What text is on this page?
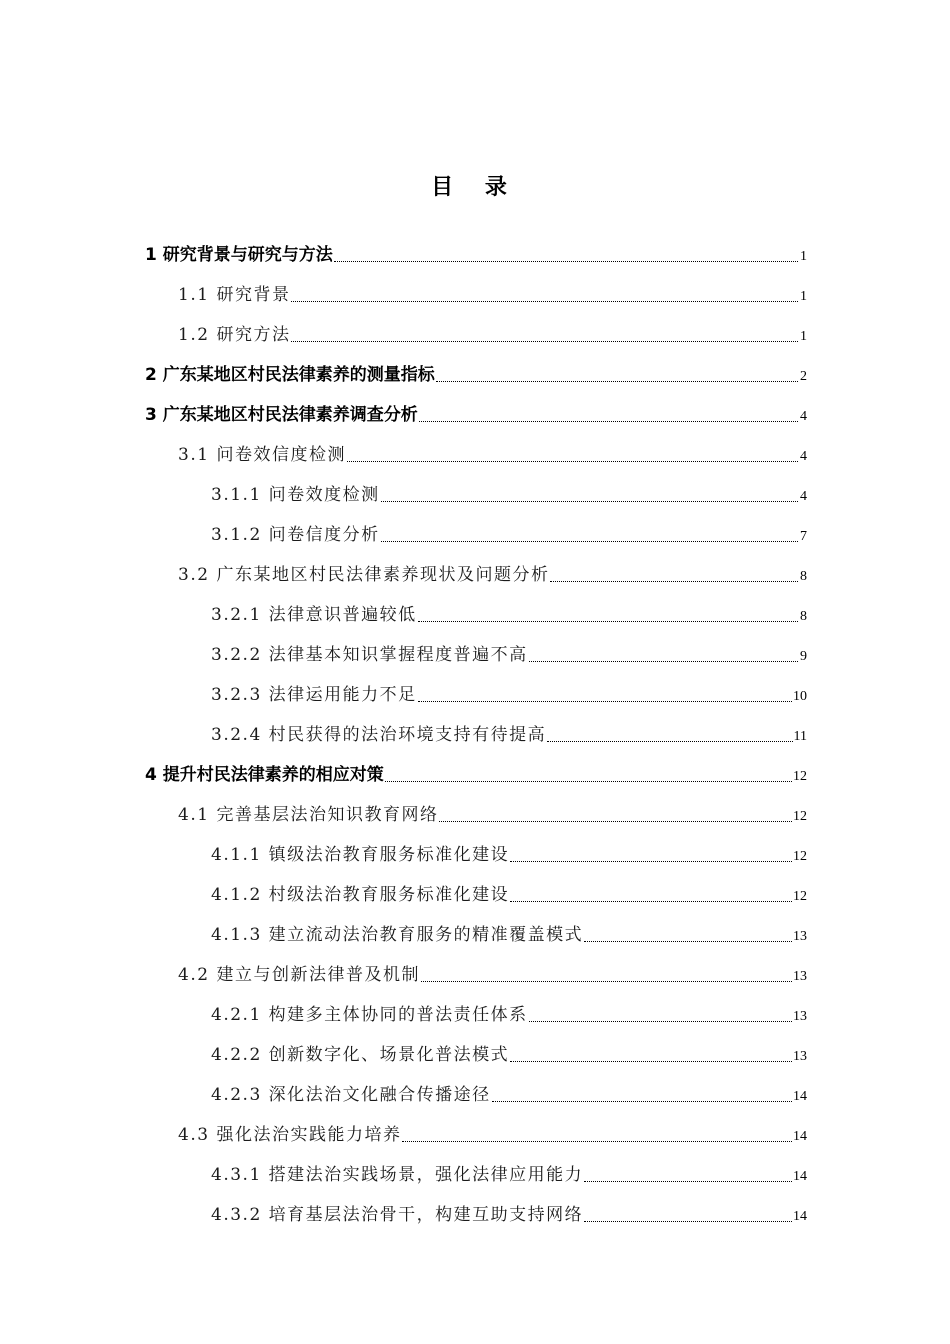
目 录
1 研究背景与研究与方法	1
1.1 研究背景	1
1.2 研究方法	1
2 广东某地区村民法律素养的测量指标	2
3 广东某地区村民法律素养调查分析	4
3.1 问卷效信度检测	4
3.1.1 问卷效度检测	4
3.1.2 问卷信度分析	7
3.2 广东某地区村民法律素养现状及问题分析	8
3.2.1 法律意识普遍较低	8
3.2.2 法律基本知识掌握程度普遍不高	9
3.2.3 法律运用能力不足	10
3.2.4 村民获得的法治环境支持有待提高	11
4 提升村民法律素养的相应对策	12
4.1 完善基层法治知识教育网络	12
4.1.1 镇级法治教育服务标准化建设	12
4.1.2 村级法治教育服务标准化建设	12
4.1.3 建立流动法治教育服务的精准覆盖模式	13
4.2 建立与创新法律普及机制	13
4.2.1 构建多主体协同的普法责任体系	13
4.2.2 创新数字化、场景化普法模式	13
4.2.3 深化法治文化融合传播途径	14
4.3 强化法治实践能力培养	14
4.3.1 搭建法治实践场景，强化法律应用能力	14
4.3.2 培育基层法治骨干，构建互助支持网络	14
